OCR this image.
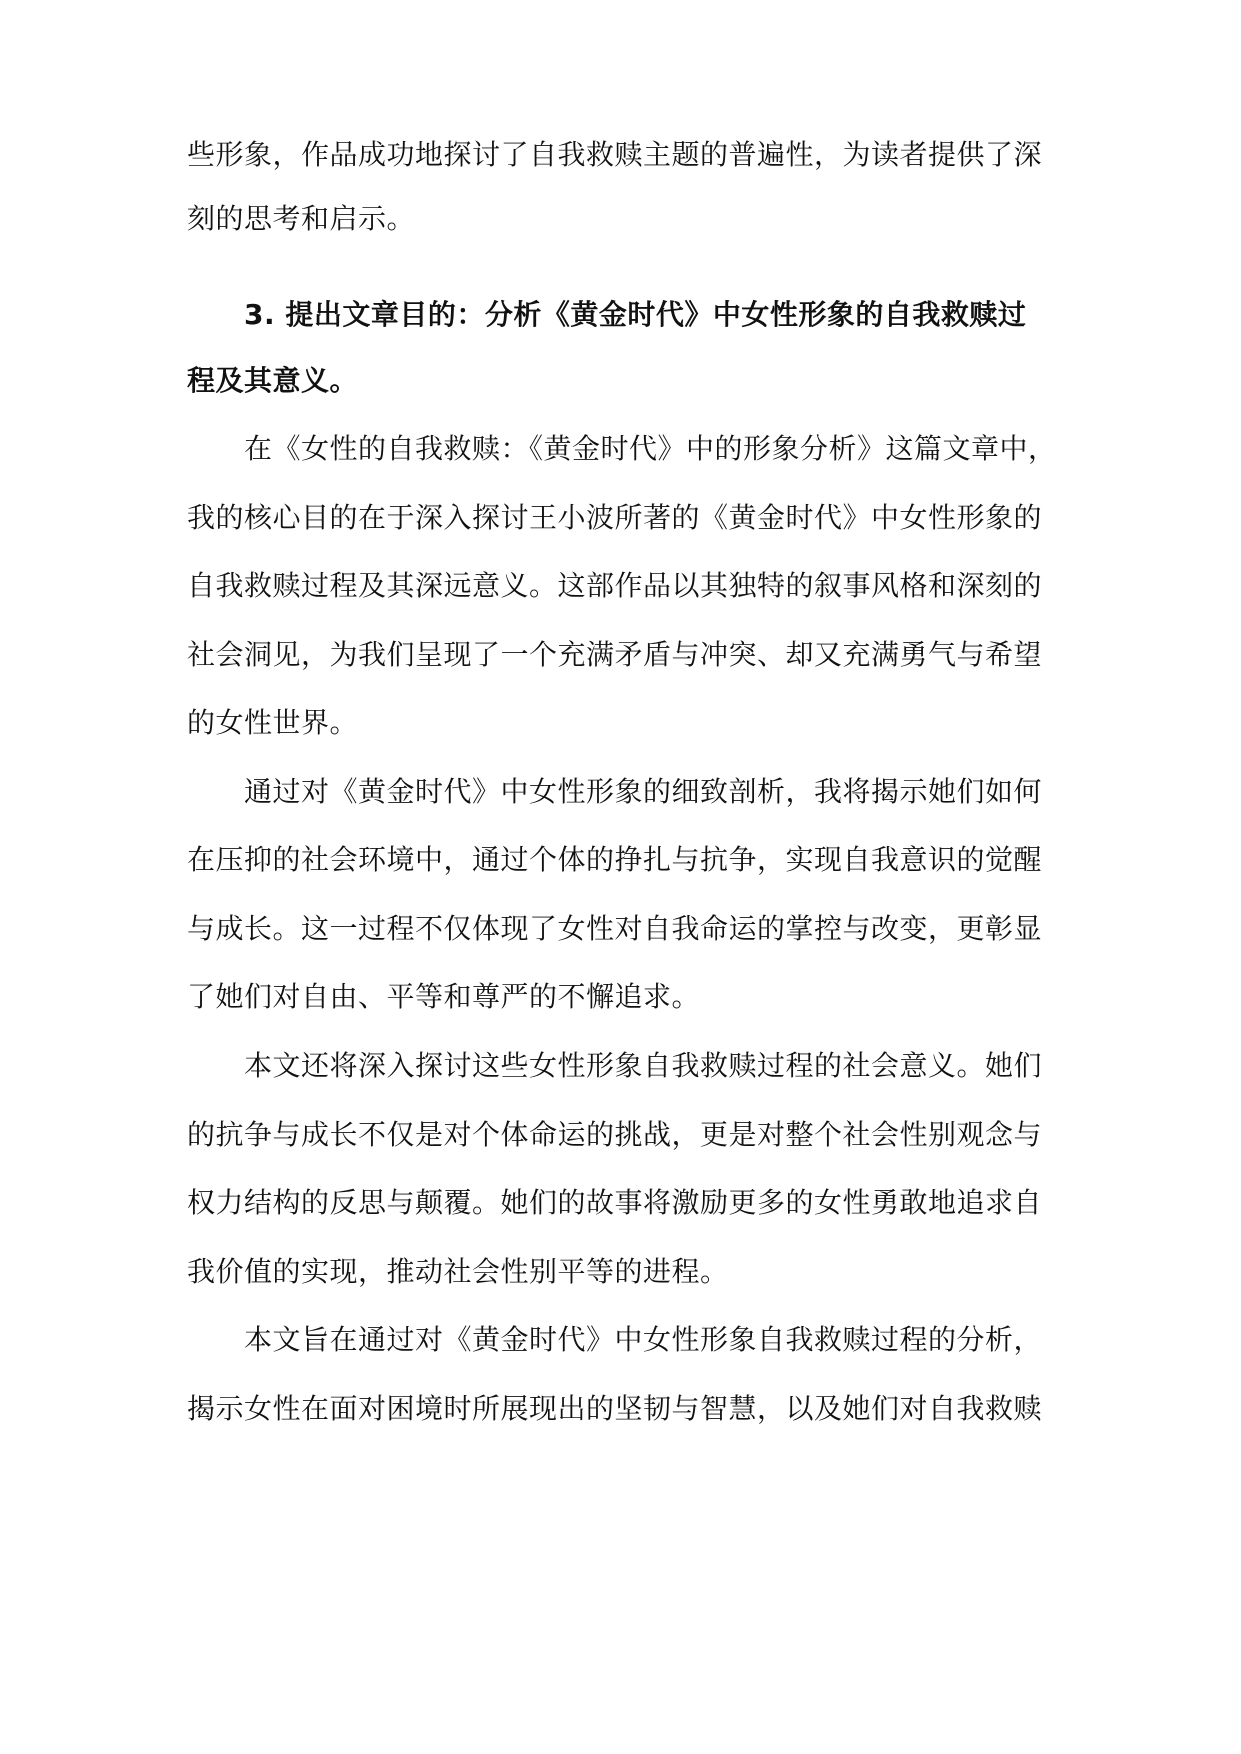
些形象，作品成功地探讨了自我救赎主题的普遍性，为读者提供了深
刻的思考和启示。
3. 提出文章目的：分析《黄金时代》中女性形象的自我救赎过
程及其意义。
在《女性的自我救赎：《黄金时代》中的形象分析》这篇文章中，
我的核心目的在于深入探讨王小波所著的《黄金时代》中女性形象的
自我救赎过程及其深远意义。这部作品以其独特的叙事风格和深刻的
社会洞见，为我们呈现了一个充满矛盾与冲突、却又充满勇气与希望
的女性世界。
通过对《黄金时代》中女性形象的细致剖析，我将揭示她们如何
在压抑的社会环境中，通过个体的挣扎与抗争，实现自我意识的觉醒
与成长。这一过程不仅体现了女性对自我命运的掌控与改变，更彰显
了她们对自由、平等和尊严的不懈追求。
本文还将深入探讨这些女性形象自我救赎过程的社会意义。她们
的抗争与成长不仅是对个体命运的挑战，更是对整个社会性别观念与
权力结构的反思与颠覆。她们的故事将激励更多的女性勇敢地追求自
我价值的实现，推动社会性别平等的进程。
本文旨在通过对《黄金时代》中女性形象自我救赎过程的分析，
揭示女性在面对困境时所展现出的坚韧与智慧，以及她们对自我救赎
